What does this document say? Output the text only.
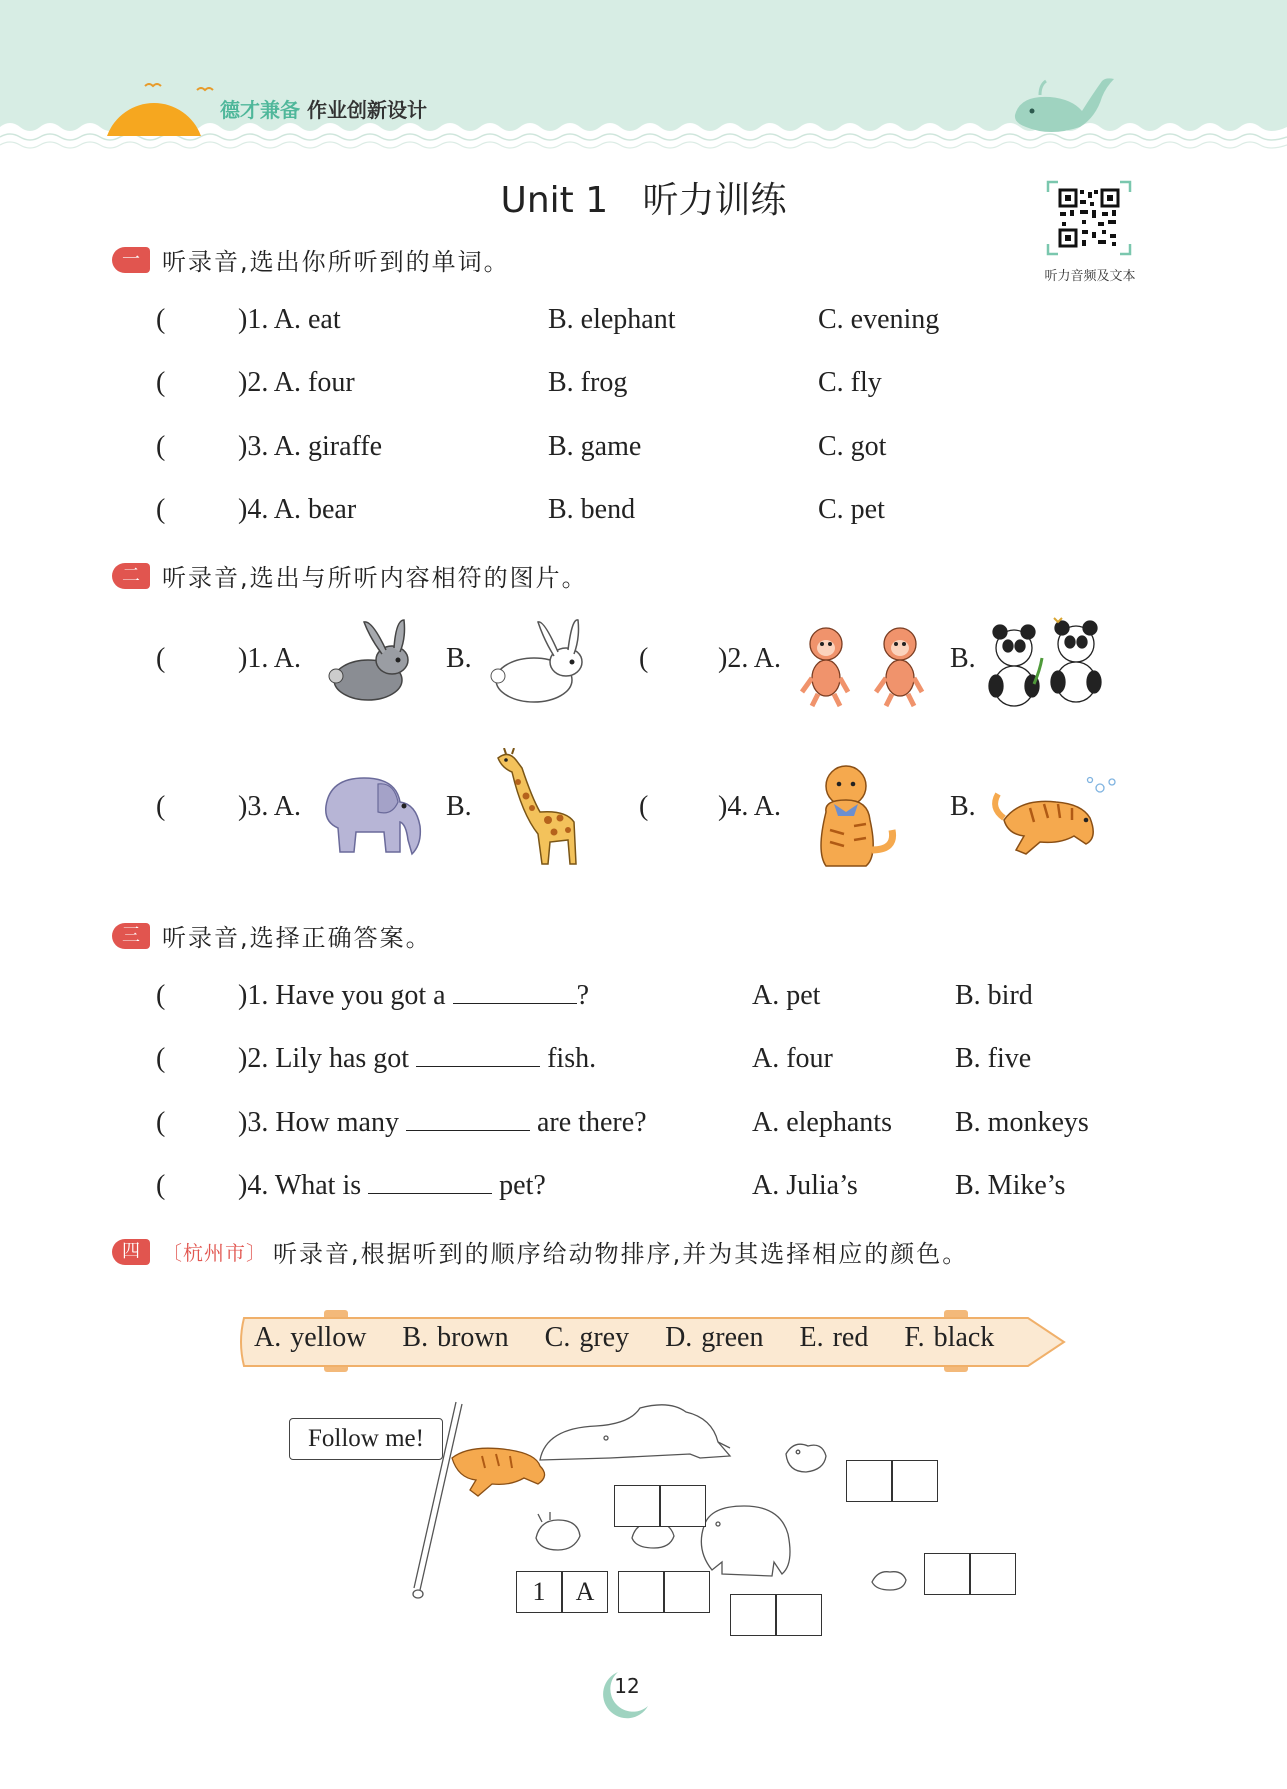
德才兼备 作业创新设计
Unit 1   听力训练
听力音频及文本
一 听录音,选出你所听到的单词。
(	)1. A. eat	B. elephant	C. evening
(	)2. A. four	B. frog	C. fly
(	)3. A. giraffe	B. game	C. got
(	)4. A. bear	B. bend	C. pet
二 听录音,选出与所听内容相符的图片。
(	)1. A.	B.	( )2. A.	B.
(	)3. A.	B.	( )4. A.	B.
三 听录音,选择正确答案。
(	)1. Have you got a	?	A. pet	B. bird
(	)2. Lily has got	fish.	A. four	B. five
(	)3. How many	are there?	A. elephants B. monkeys
(	)4. What is	pet?	A. Julia’s	B. Mike’s
四	〔杭州市〕 听录音,根据听到的顺序给动物排序,并为其选择相应的颜色。
A. yellow    B. brown    C. grey    D. green    E. red    F. black
Follow me!
1	A
12
